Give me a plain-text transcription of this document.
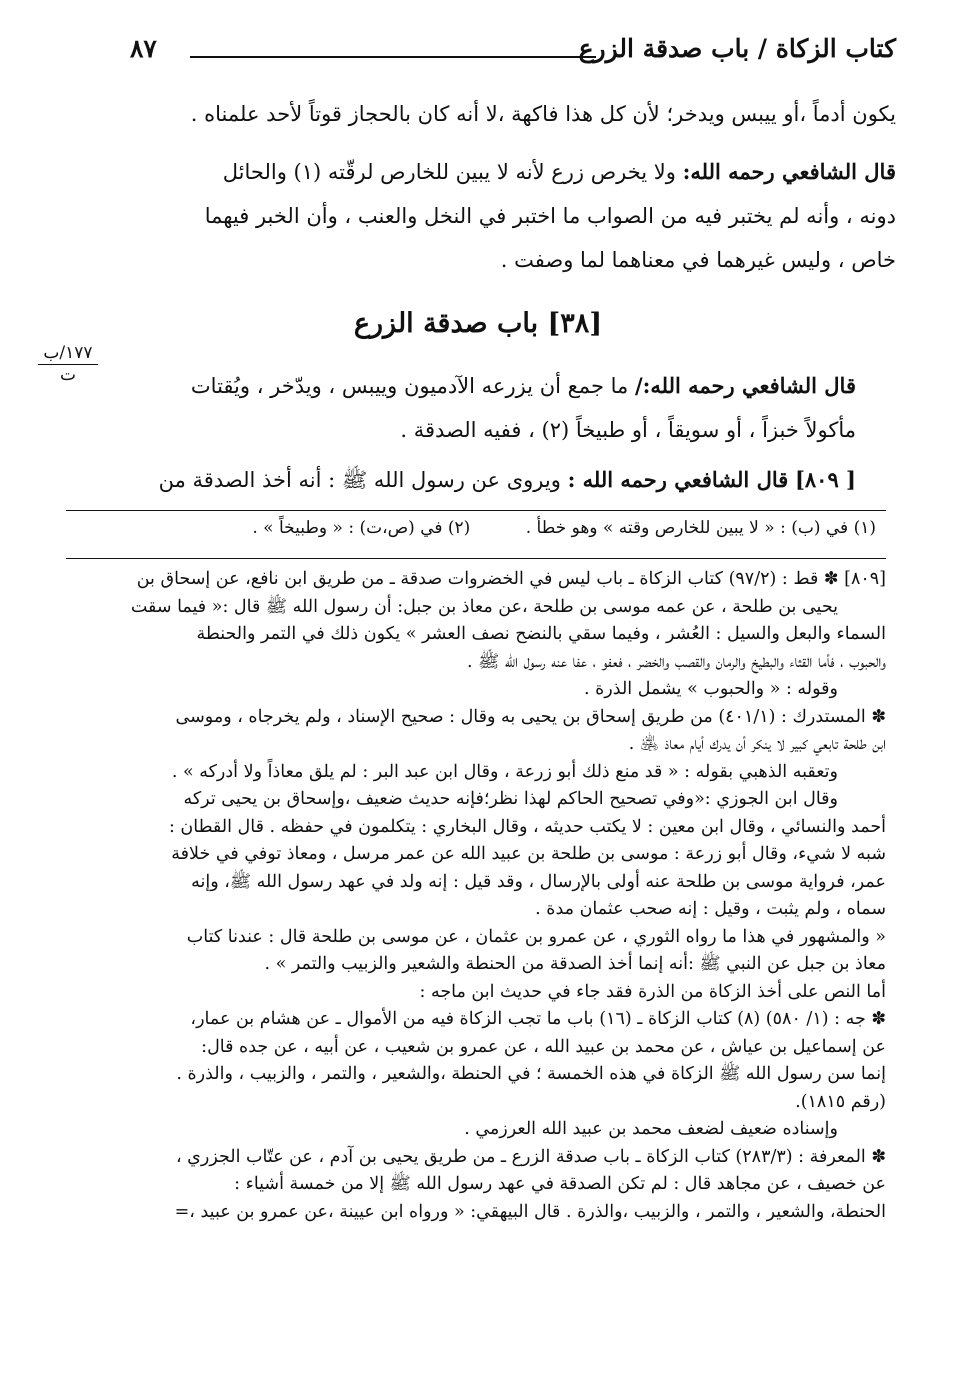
كتاب الزكاة / باب صدقة الزرع
٨٧

يكون أدماً ،أو ييبس ويدخر؛ لأن كل هذا فاكهة ،لا أنه كان بالحجاز قوتاً لأحد علمناه .

قال الشافعي رحمه الله: ولا يخرص زرع لأنه لا يبين للخارص لرقّته (١) والحائل

دونه ، وأنه لم يختبر فيه من الصواب ما اختبر في النخل والعنب ، وأن الخبر فيهما

خاص ، وليس غيرهما في معناهما لما وصفت .

[٣٨] باب صدقة الزرع
١٧٧/ب
ت	قال الشافعي رحمه الله:/ ما جمع أن يزرعه الآدميون وييبس ، ويدّخر ، ويُقتات

مأكولاً خبزاً ، أو سويقاً ، أو طبيخاً (٢) ، ففيه الصدقة .

[ ٨٠٩] قال الشافعي رحمه الله : ويروى عن رسول الله ﷺ : أنه أخذ الصدقة من

(١) في (ب) : « لا يبين للخارص وقته » وهو خطأ . (٢) في (ص،ت) : « وطبيخاً » .

[٨٠٩] ✽ قط : (٩٧/٢) كتاب الزكاة ـ باب ليس في الخضروات صدقة ـ من طريق ابن نافع، عن إسحاق بن

يحيى بن طلحة ، عن عمه موسى بن طلحة ،عن معاذ بن جبل: أن رسول الله ﷺ قال :« فيما سقت

السماء والبعل والسيل : العُشر ، وفيما سقي بالنضح نصف العشر » يكون ذلك في التمر والحنطة

والحبوب ، فأما القثاء والبطيخ والرمان والقصب والخضر ، فعفو ، عفا عنه رسول الله ﷺ .

وقوله : « والحبوب » يشمل الذرة .

✽ المستدرك : (٤٠١/١) من طريق إسحاق بن يحيى به وقال : صحيح الإسناد ، ولم يخرجاه ، وموسى

ابن طلحة تابعي كبير لا ينكر أن يدرك أيام معاذ ﵁ .

وتعقبه الذهبي بقوله : « قد منع ذلك أبو زرعة ، وقال ابن عبد البر : لم يلق معاذاً ولا أدركه » .

وقال ابن الجوزي :«وفي تصحيح الحاكم لهذا نظر؛فإنه حديث ضعيف ،وإسحاق بن يحيى تركه

أحمد والنسائي ، وقال ابن معين : لا يكتب حديثه ، وقال البخاري : يتكلمون في حفظه . قال القطان :

شبه لا شيء، وقال أبو زرعة : موسى بن طلحة بن عبيد الله عن عمر مرسل ، ومعاذ توفي في خلافة

عمر، فرواية موسى بن طلحة عنه أولى بالإرسال ، وقد قيل : إنه ولد في عهد رسول الله ﷺ، وإنه

سماه ، ولم يثبت ، وقيل : إنه صحب عثمان مدة .

« والمشهور في هذا ما رواه الثوري ، عن عمرو بن عثمان ، عن موسى بن طلحة قال : عندنا كتاب

معاذ بن جبل عن النبي ﷺ :أنه إنما أخذ الصدقة من الحنطة والشعير والزبيب والتمر » .

أما النص على أخذ الزكاة من الذرة فقد جاء في حديث ابن ماجه :

✽ جه : (١/ ٥٨٠) (٨) كتاب الزكاة ـ (١٦) باب ما تجب الزكاة فيه من الأموال ـ عن هشام بن عمار،

عن إسماعيل بن عياش ، عن محمد بن عبيد الله ، عن عمرو بن شعيب ، عن أبيه ، عن جده قال:

إنما سن رسول الله ﷺ الزكاة في هذه الخمسة ؛ في الحنطة ،والشعير ، والتمر ، والزبيب ، والذرة .

(رقم ١٨١٥).

وإسناده ضعيف لضعف محمد بن عبيد الله العرزمي .

✽ المعرفة : (٢٨٣/٣) كتاب الزكاة ـ باب صدقة الزرع ـ من طريق يحيى بن آدم ، عن عتّاب الجزري ،

عن خصيف ، عن مجاهد قال : لم تكن الصدقة في عهد رسول الله ﷺ إلا من خمسة أشياء :

الحنطة، والشعير ، والتمر ، والزبيب ،والذرة . قال البيهقي: « ورواه ابن عيينة ،عن عمرو بن عبيد ،=
